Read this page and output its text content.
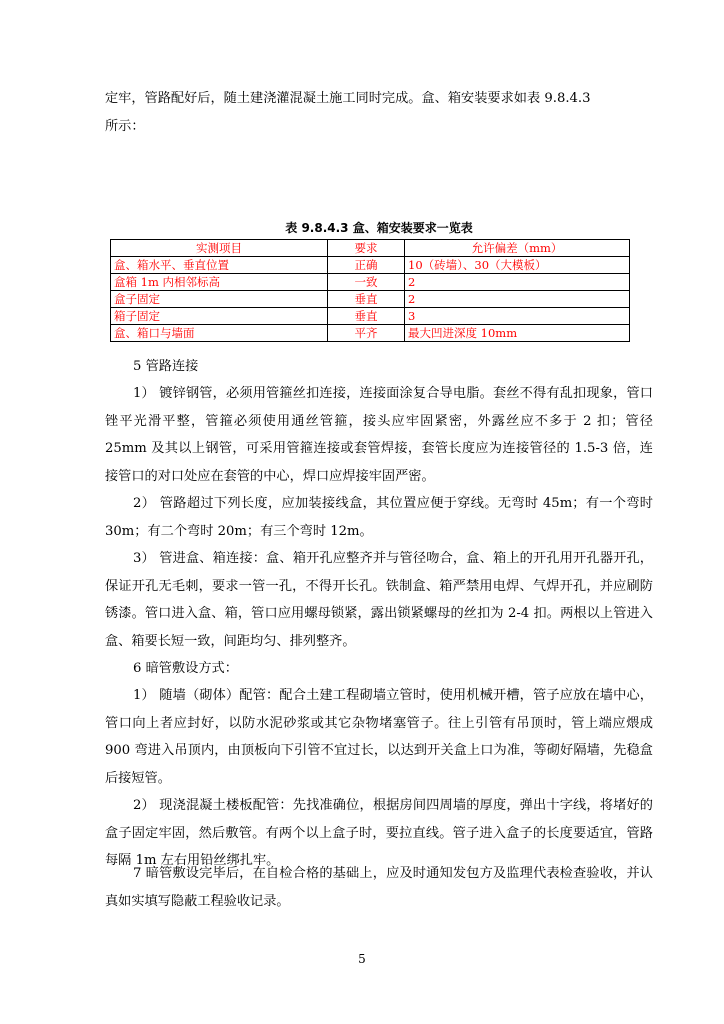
定牢，管路配好后，随土建浇灌混凝土施工同时完成。盒、箱安装要求如表 9.8.4.3
所示：

表 9.8.4.3 盒、箱安装要求一览表
实测项目	要求	允许偏差（mm）
盒、箱水平、垂直位置	正确	10（砖墙）、30（大模板）
盒箱 1m 内相邻标高	一致	2
盒子固定	垂直	2
箱子固定	垂直	3
盒、箱口与墙面	平齐	最大凹进深度 10mm

5 管路连接

1） 镀锌钢管，必须用管箍丝扣连接，连接面涂复合导电脂。套丝不得有乱扣现象，管口锉平光滑平整，管箍必须使用通丝管箍，接头应牢固紧密，外露丝应不多于 2 扣；管径 25mm 及其以上钢管，可采用管箍连接或套管焊接，套管长度应为连接管径的 1.5-3 倍，连接管口的对口处应在套管的中心，焊口应焊接牢固严密。

2） 管路超过下列长度，应加装接线盒，其位置应便于穿线。无弯时 45m；有一个弯时 30m；有二个弯时 20m；有三个弯时 12m。

3） 管进盒、箱连接：盒、箱开孔应整齐并与管径吻合，盒、箱上的开孔用开孔器开孔，保证开孔无毛刺，要求一管一孔，不得开长孔。铁制盒、箱严禁用电焊、气焊开孔，并应刷防锈漆。管口进入盒、箱，管口应用螺母锁紧，露出锁紧螺母的丝扣为 2-4 扣。两根以上管进入盒、箱要长短一致，间距均匀、排列整齐。

6 暗管敷设方式：

1） 随墙（砌体）配管：配合土建工程砌墙立管时，使用机械开槽，管子应放在墙中心，管口向上者应封好，以防水泥砂浆或其它杂物堵塞管子。往上引管有吊顶时，管上端应煨成 900 弯进入吊顶内，由顶板向下引管不宜过长，以达到开关盒上口为准，等砌好隔墙，先稳盒后接短管。

2） 现浇混凝土楼板配管：先找准确位，根据房间四周墙的厚度，弹出十字线，将堵好的盒子固定牢固，然后敷管。有两个以上盒子时，要拉直线。管子进入盒子的长度要适宜，管路每隔 1m 左右用铅丝绑扎牢。

7 暗管敷设完毕后，在自检合格的基础上，应及时通知发包方及监理代表检查验收，并认真如实填写隐蔽工程验收记录。

5
